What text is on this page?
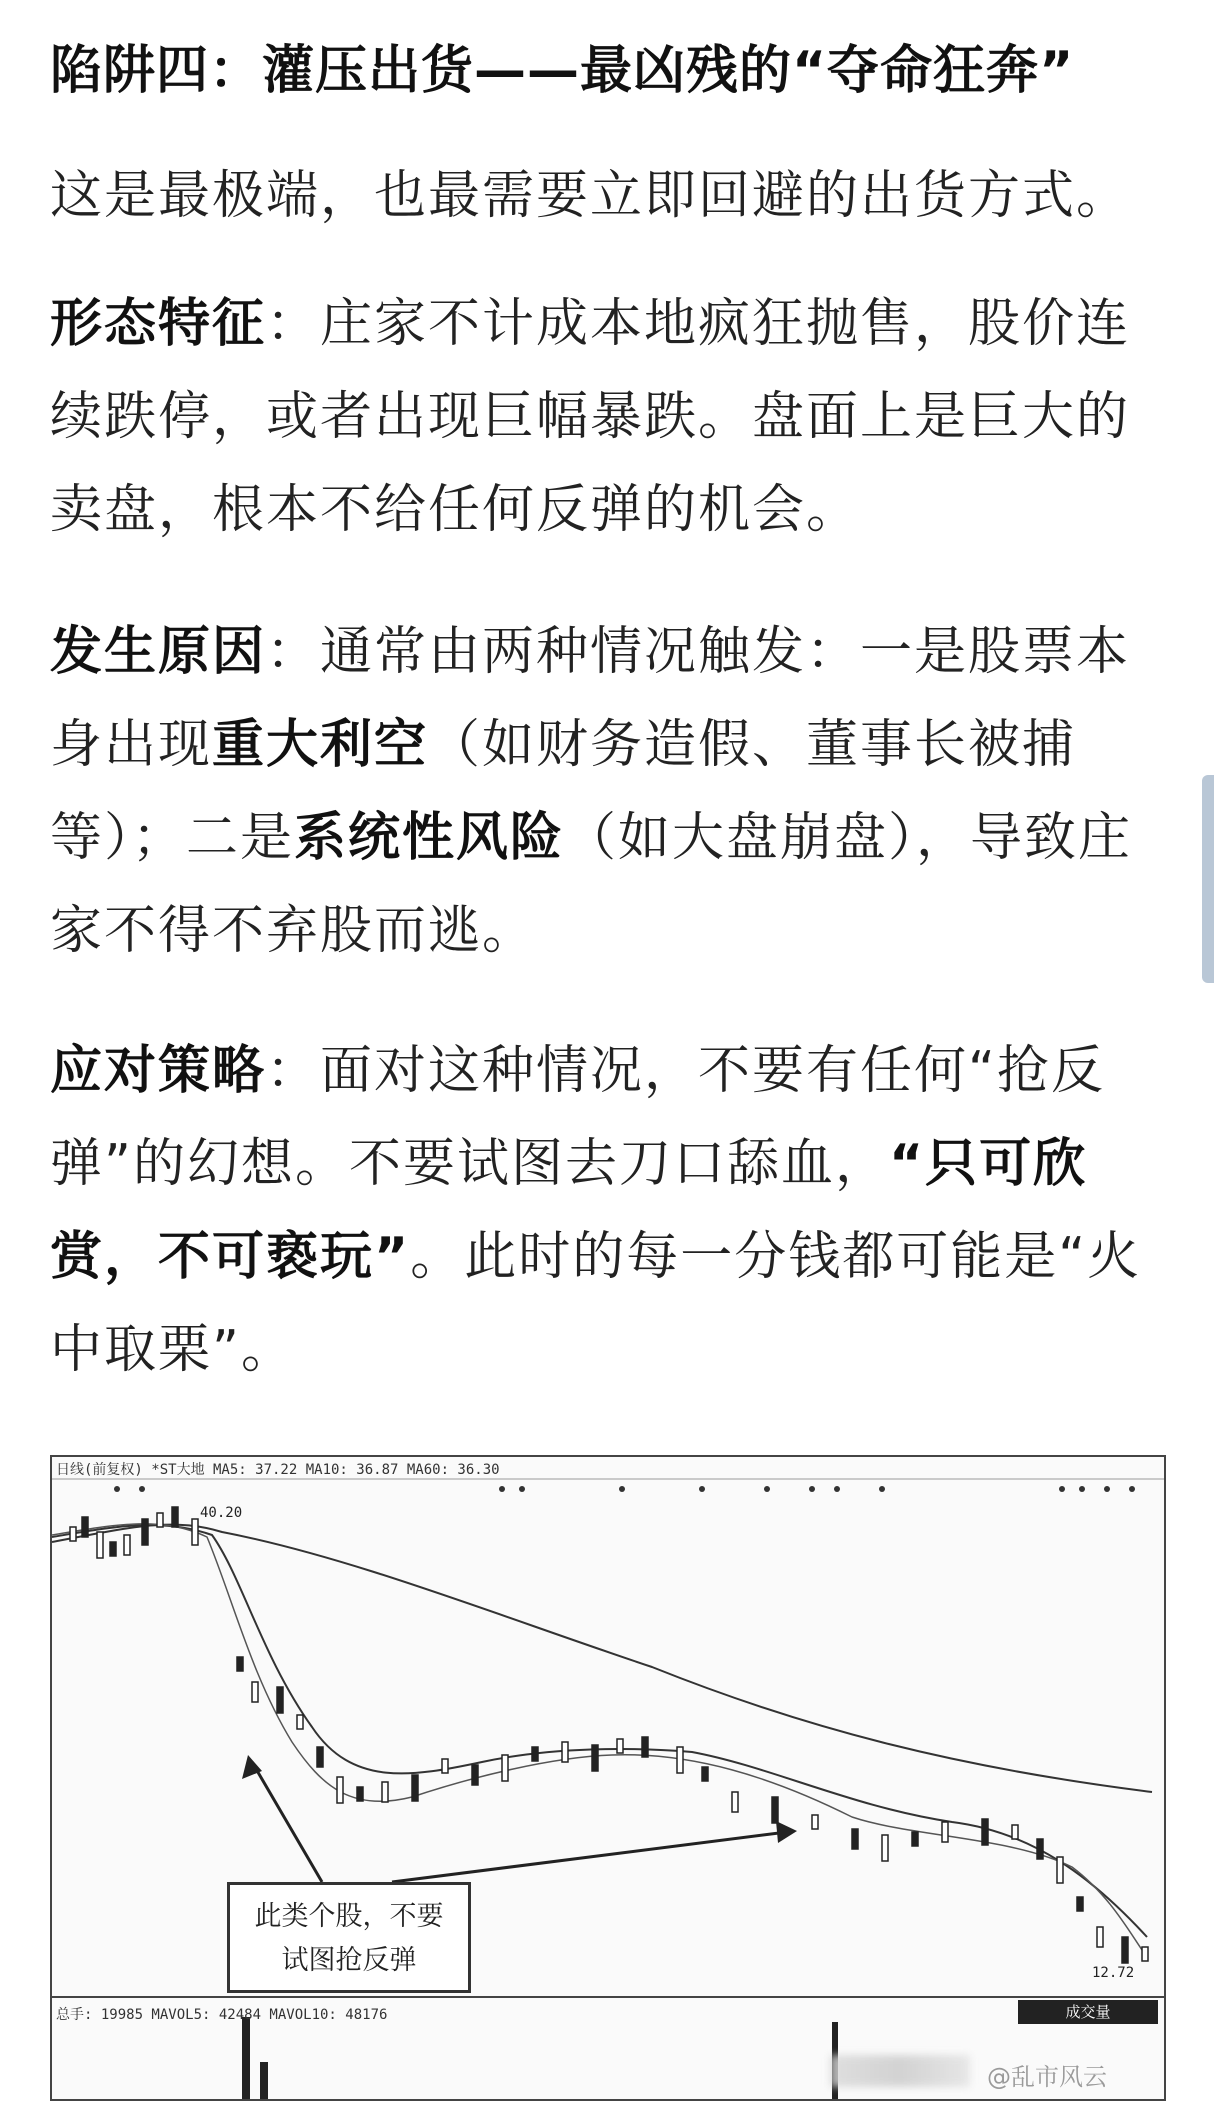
陷阱四：灌压出货——最凶残的“夺命狂奔”
这是最极端，也最需要立即回避的出货方式。
形态特征：庄家不计成本地疯狂抛售，股价连续跌停，或者出现巨幅暴跌。盘面上是巨大的卖盘，根本不给任何反弹的机会。
发生原因：通常由两种情况触发：一是股票本身出现重大利空（如财务造假、董事长被捕等）；二是系统性风险（如大盘崩盘），导致庄家不得不弃股而逃。
应对策略：面对这种情况，不要有任何“抢反弹”的幻想。不要试图去刀口舔血，“只可欣赏，不可亵玩”。此时的每一分钱都可能是“火中取栗”。
日线(前复权) *ST大地 MA5: 37.22 MA10: 36.87 MA60: 36.30
40.20
12.72
此类个股，不要
试图抢反弹
总手: 19985 MAVOL5: 42484 MAVOL10: 48176	成交量
@乱市风云
